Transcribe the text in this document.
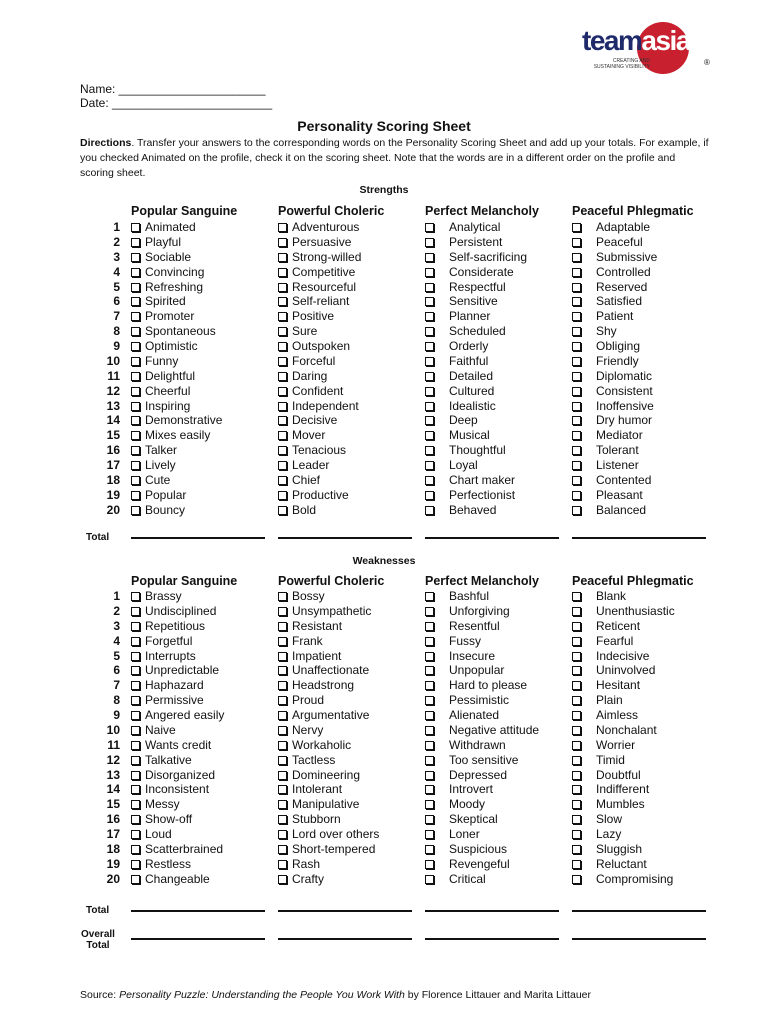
teamasia
CREATING AND SUSTAINING VISIBILITY	®
Name: ______________________
Date: ________________________
Personality Scoring Sheet
Directions. Transfer your answers to the corresponding words on the Personality Scoring Sheet and add up your totals. For example, if you checked Animated on the profile, check it on the scoring sheet. Note that the words are in a different order on the profile and scoring sheet.
Strengths
Popular Sanguine	Powerful Choleric	Perfect Melancholy	Peaceful Phlegmatic
1	Animated	Adventurous	Analytical	Adaptable
2	Playful	Persuasive	Persistent	Peaceful
3	Sociable	Strong-willed	Self-sacrificing	Submissive
4	Convincing	Competitive	Considerate	Controlled
5	Refreshing	Resourceful	Respectful	Reserved
6	Spirited	Self-reliant	Sensitive	Satisfied
7	Promoter	Positive	Planner	Patient
8	Spontaneous	Sure	Scheduled	Shy
9	Optimistic	Outspoken	Orderly	Obliging
10	Funny	Forceful	Faithful	Friendly
11	Delightful	Daring	Detailed	Diplomatic
12	Cheerful	Confident	Cultured	Consistent
13	Inspiring	Independent	Idealistic	Inoffensive
14	Demonstrative	Decisive	Deep	Dry humor
15	Mixes easily	Mover	Musical	Mediator
16	Talker	Tenacious	Thoughtful	Tolerant
17	Lively	Leader	Loyal	Listener
18	Cute	Chief	Chart maker	Contented
19	Popular	Productive	Perfectionist	Pleasant
20	Bouncy	Bold	Behaved	Balanced
Total
Weaknesses
Popular Sanguine	Powerful Choleric	Perfect Melancholy	Peaceful Phlegmatic
1	Brassy	Bossy	Bashful	Blank
2	Undisciplined	Unsympathetic	Unforgiving	Unenthusiastic
3	Repetitious	Resistant	Resentful	Reticent
4	Forgetful	Frank	Fussy	Fearful
5	Interrupts	Impatient	Insecure	Indecisive
6	Unpredictable	Unaffectionate	Unpopular	Uninvolved
7	Haphazard	Headstrong	Hard to please	Hesitant
8	Permissive	Proud	Pessimistic	Plain
9	Angered easily	Argumentative	Alienated	Aimless
10	Naive	Nervy	Negative attitude	Nonchalant
11	Wants credit	Workaholic	Withdrawn	Worrier
12	Talkative	Tactless	Too sensitive	Timid
13	Disorganized	Domineering	Depressed	Doubtful
14	Inconsistent	Intolerant	Introvert	Indifferent
15	Messy	Manipulative	Moody	Mumbles
16	Show-off	Stubborn	Skeptical	Slow
17	Loud	Lord over others	Loner	Lazy
18	Scatterbrained	Short-tempered	Suspicious	Sluggish
19	Restless	Rash	Revengeful	Reluctant
20	Changeable	Crafty	Critical	Compromising
Total
Overall Total
Source: Personality Puzzle: Understanding the People You Work With by Florence Littauer and Marita Littauer
